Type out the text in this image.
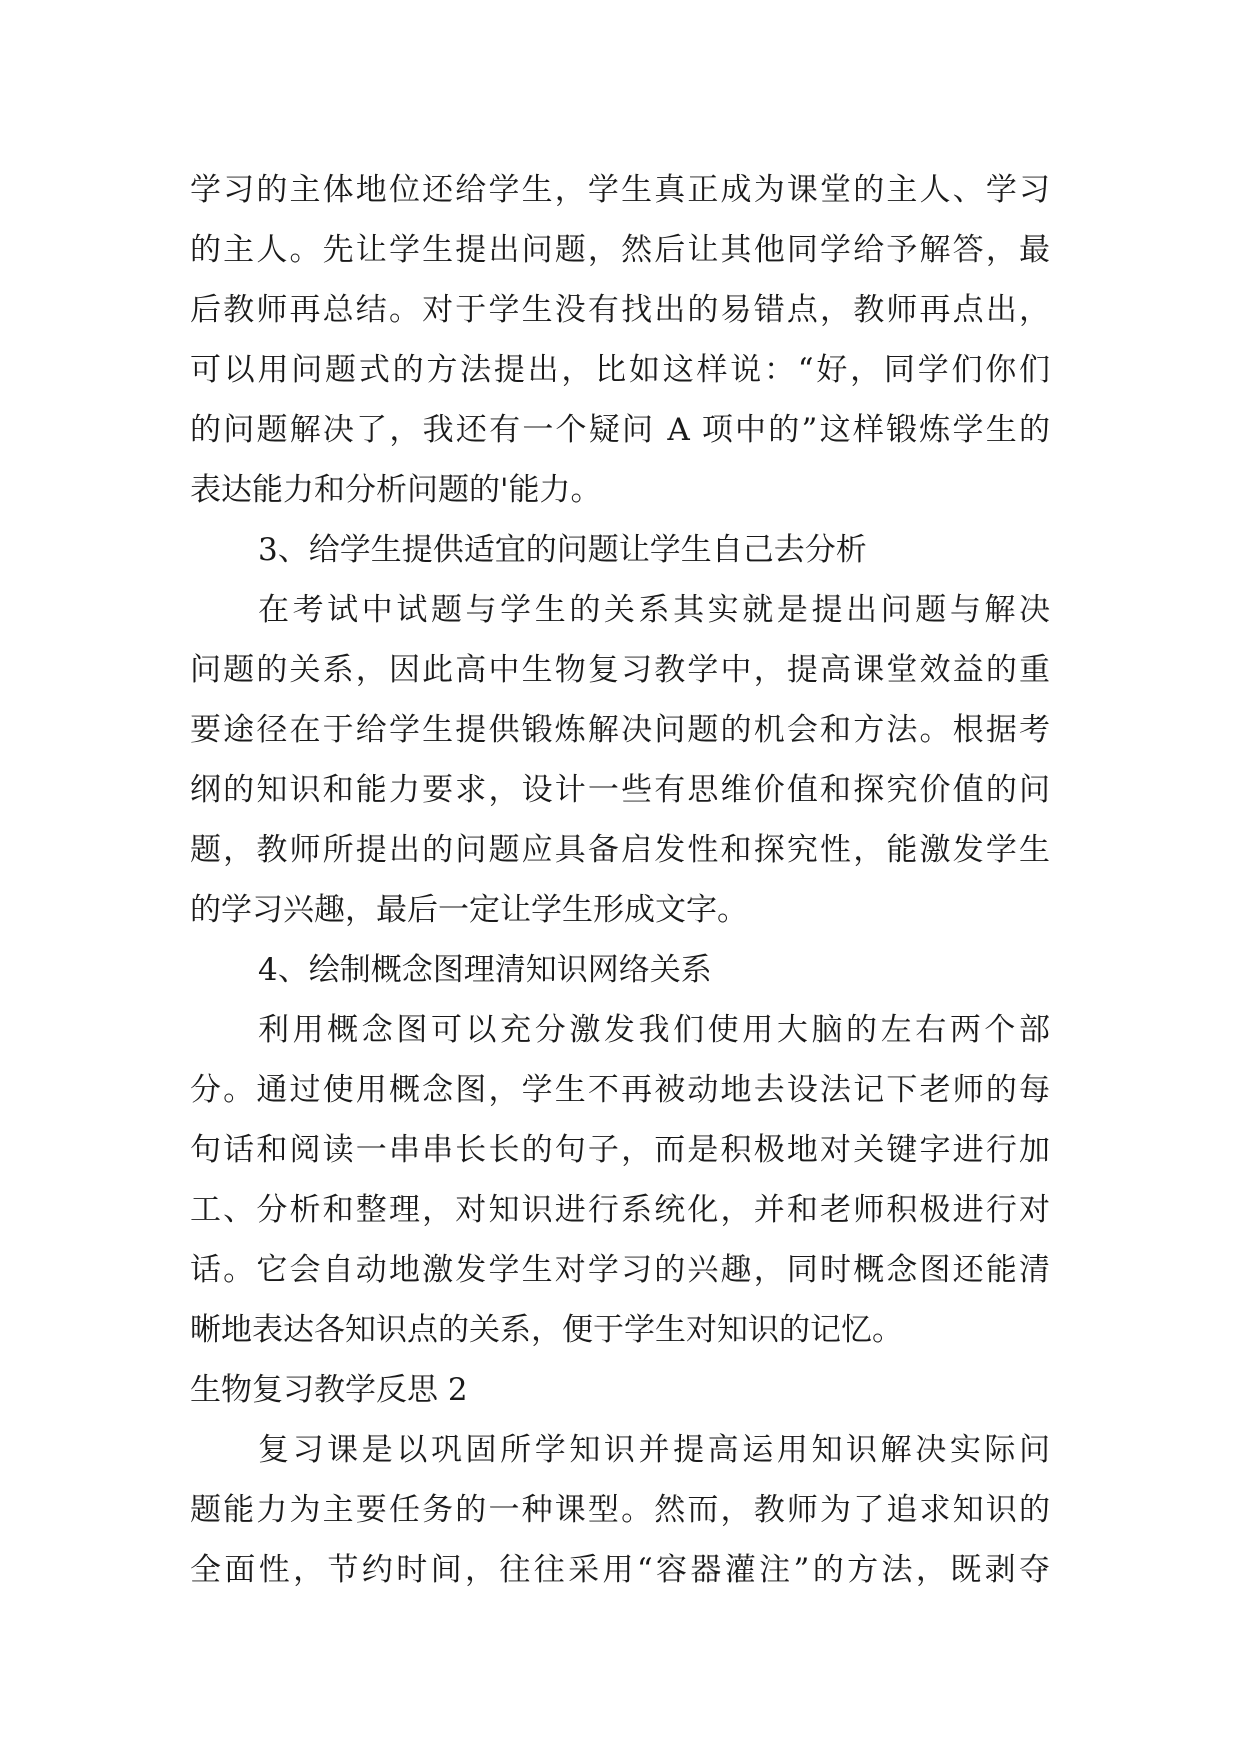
学习的主体地位还给学生，学生真正成为课堂的主人、学习
的主人。先让学生提出问题，然后让其他同学给予解答，最
后教师再总结。对于学生没有找出的易错点，教师再点出，
可以用问题式的方法提出，比如这样说：“好，同学们你们
的问题解决了，我还有一个疑问 A 项中的”这样锻炼学生的
表达能力和分析问题的'能力。
3、给学生提供适宜的问题让学生自己去分析
在考试中试题与学生的关系其实就是提出问题与解决
问题的关系，因此高中生物复习教学中，提高课堂效益的重
要途径在于给学生提供锻炼解决问题的机会和方法。根据考
纲的知识和能力要求，设计一些有思维价值和探究价值的问
题，教师所提出的问题应具备启发性和探究性，能激发学生
的学习兴趣，最后一定让学生形成文字。
4、绘制概念图理清知识网络关系
利用概念图可以充分激发我们使用大脑的左右两个部
分。通过使用概念图，学生不再被动地去设法记下老师的每
句话和阅读一串串长长的句子，而是积极地对关键字进行加
工、分析和整理，对知识进行系统化，并和老师积极进行对
话。它会自动地激发学生对学习的兴趣，同时概念图还能清
晰地表达各知识点的关系，便于学生对知识的记忆。
生物复习教学反思 2
复习课是以巩固所学知识并提高运用知识解决实际问
题能力为主要任务的一种课型。然而，教师为了追求知识的
全面性，节约时间，往往采用“容器灌注”的方法，既剥夺
